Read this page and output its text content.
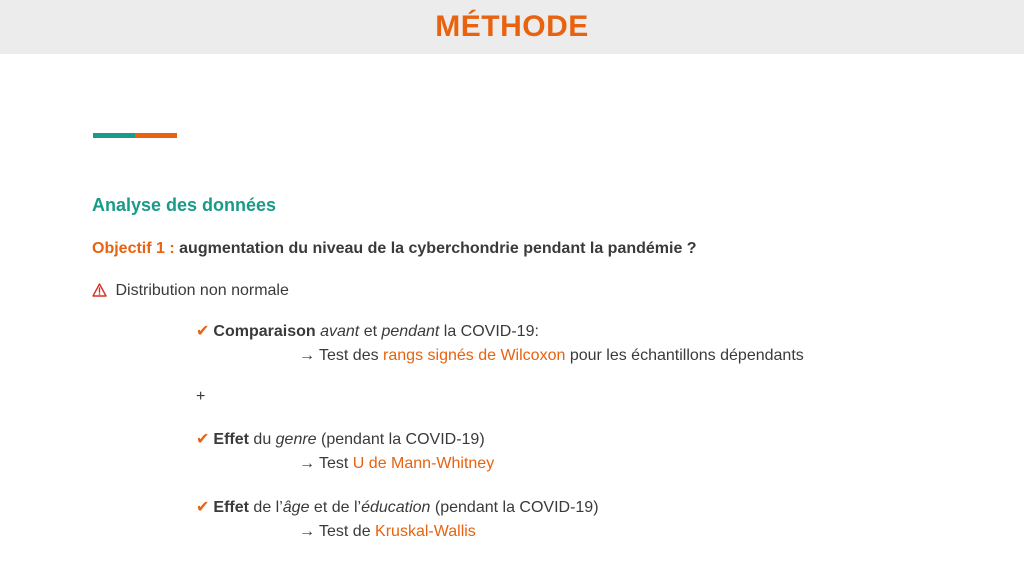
MÉTHODE
Analyse des données
Objectif 1 : augmentation du niveau de la cyberchondrie pendant la pandémie ?
Distribution non normale
✔ Comparaison avant et pendant la COVID-19:
→ Test des rangs signés de Wilcoxon pour les échantillons dépendants
+
✔ Effet du genre (pendant la COVID-19)
→ Test U de Mann-Whitney
✔ Effet de l’âge et de l’éducation (pendant la COVID-19)
→ Test de Kruskal-Wallis
